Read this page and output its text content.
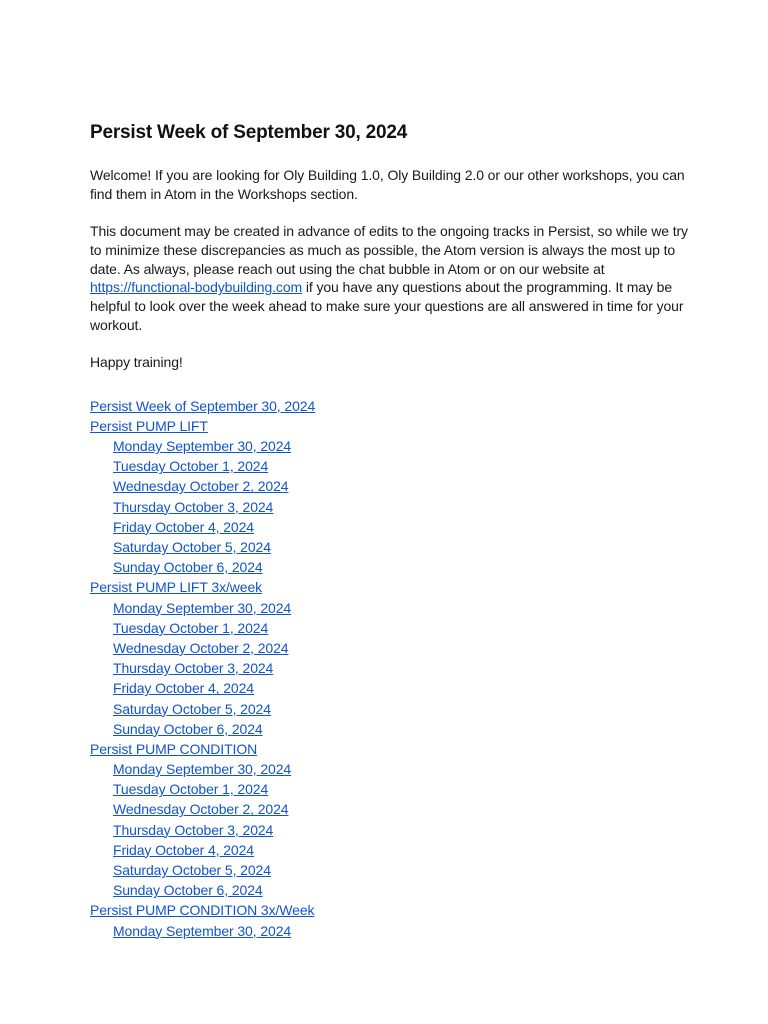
Persist Week of September 30, 2024

Welcome! If you are looking for Oly Building 1.0, Oly Building 2.0 or our other workshops, you can find them in Atom in the Workshops section.

This document may be created in advance of edits to the ongoing tracks in Persist, so while we try to minimize these discrepancies as much as possible, the Atom version is always the most up to date. As always, please reach out using the chat bubble in Atom or on our website at https://functional-bodybuilding.com if you have any questions about the programming. It may be helpful to look over the week ahead to make sure your questions are all answered in time for your workout.

Happy training!

Persist Week of September 30, 2024
Persist PUMP LIFT
Monday September 30, 2024
Tuesday October 1, 2024
Wednesday October 2, 2024
Thursday October 3, 2024
Friday October 4, 2024
Saturday October 5, 2024
Sunday October 6, 2024
Persist PUMP LIFT 3x/week
Monday September 30, 2024
Tuesday October 1, 2024
Wednesday October 2, 2024
Thursday October 3, 2024
Friday October 4, 2024
Saturday October 5, 2024
Sunday October 6, 2024
Persist PUMP CONDITION
Monday September 30, 2024
Tuesday October 1, 2024
Wednesday October 2, 2024
Thursday October 3, 2024
Friday October 4, 2024
Saturday October 5, 2024
Sunday October 6, 2024
Persist PUMP CONDITION 3x/Week
Monday September 30, 2024
